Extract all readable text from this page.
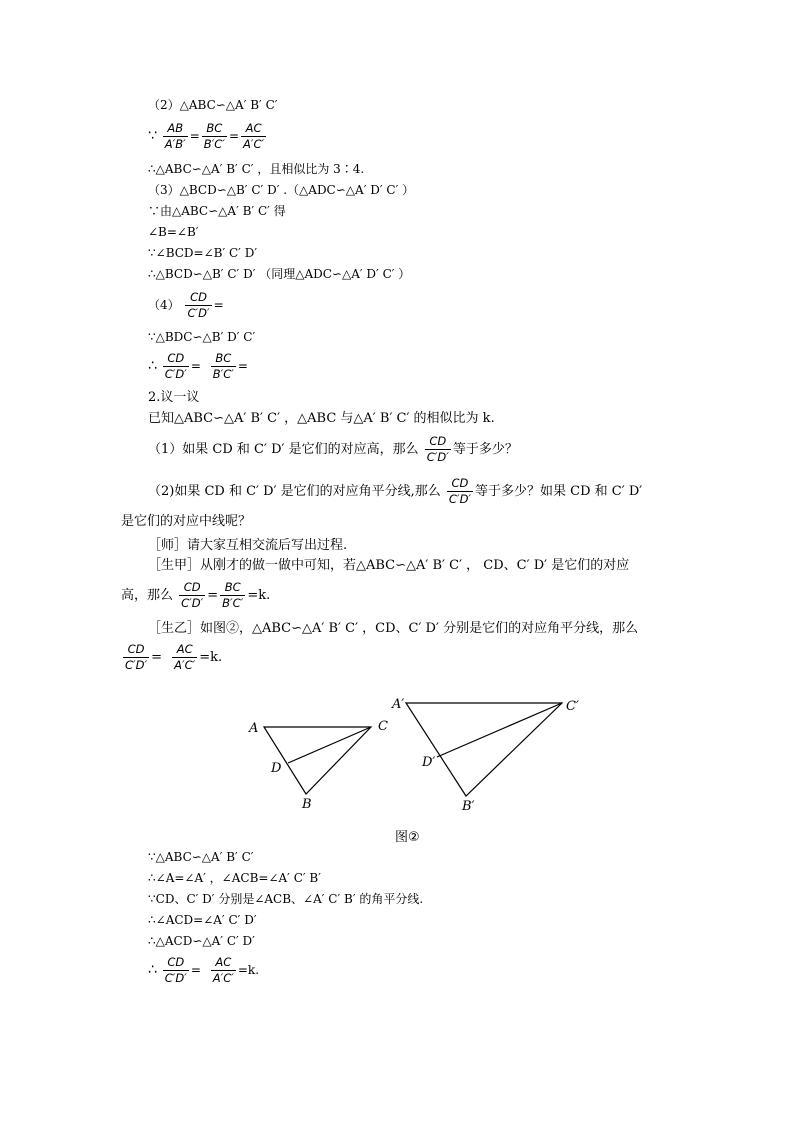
（2）△ABC∽△A′ B′ C′
∵ $\frac{AB}{A'B'} = \frac{BC}{B'C'} = \frac{AC}{A'C'}$
∴△ABC∽△A′ B′ C′ ，且相似比为 3∶4.
（3）△BCD∽△B′ C′ D′ .（△ADC∽△A′ D′ C′ ）
∵由△ABC∽△A′ B′ C′ 得
∠B=∠B′
∵∠BCD=∠B′ C′ D′
∴△BCD∽△B′ C′ D′ （同理△ADC∽△A′ D′ C′ ）
$(4) \frac{CD}{C'D'}$ =
∵△BDC∽△B′ D′ C′
∴ $\frac{CD}{C'D'} = \frac{BC}{B'C'}$ =
2.议一议
已知△ABC∽△A′ B′ C′ ，△ABC 与△A′ B′ C′ 的相似比为 k.
（1）如果 CD 和 C′ D′ 是它们的对应高，那么 $\frac{CD}{C'D'}$ 等于多少？
（2)如果 CD 和 C′ D′ 是它们的对应角平分线,那么 $\frac{CD}{C'D'}$ 等于多少？如果 CD 和 C′ D′
是它们的对应中线呢？
［师］请大家互相交流后写出过程.
［生甲］从刚才的做一做中可知，若△ABC∽△A′ B′ C′ ， CD、C′ D′ 是它们的对应
高，那么 $\frac{CD}{C'D'} = \frac{BC}{B'C'} =k$.
［生乙］如图②，△ABC∽△A′ B′ C′ ，CD、C′ D′ 分别是它们的对应角平分线，那么
$\frac{CD}{C'D'} = \frac{AC}{A'C'} =k$.
A	C
D
B
A′	C′
D′
B′
图②
∵△ABC∽△A′ B′ C′
∴∠A=∠A′ ，∠ACB=∠A′ C′ B′
∵CD、C′ D′ 分别是∠ACB、∠A′ C′ B′ 的角平分线.
∴∠ACD=∠A′ C′ D′
∴△ACD∽△A′ C′ D′
∴ $\frac{CD}{C'D'} = \frac{AC}{A'C'} =k$.
